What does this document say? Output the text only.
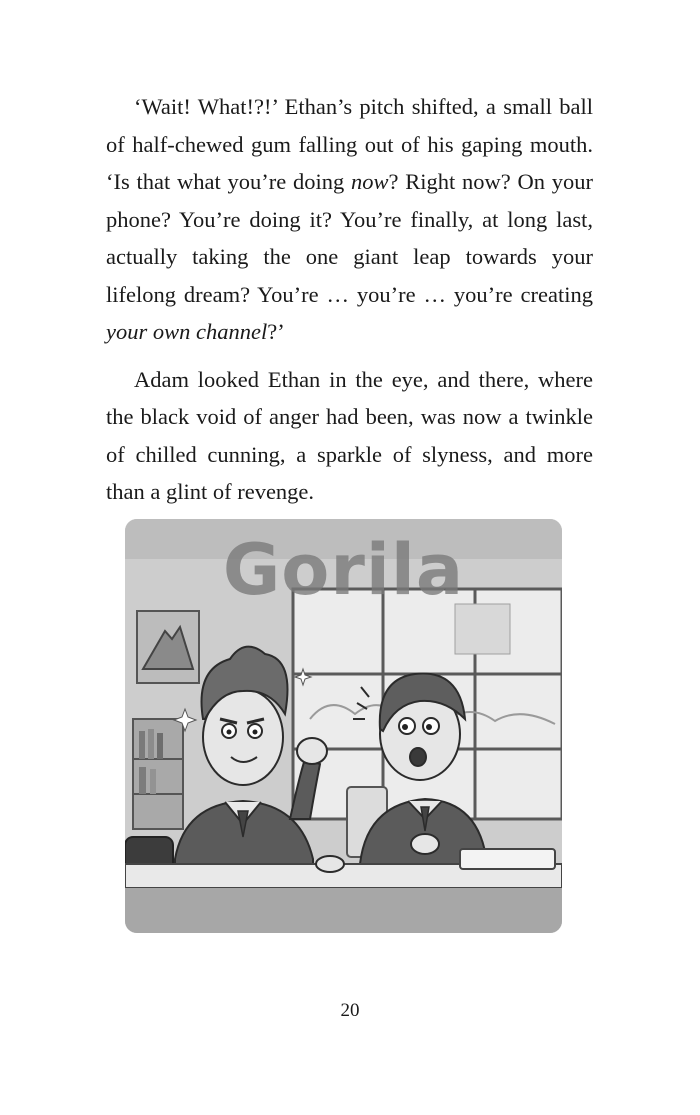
‘Wait! What!?!’ Ethan’s pitch shifted, a small ball of half-chewed gum falling out of his gaping mouth. ‘Is that what you’re doing now? Right now? On your phone? You’re doing it? You’re finally, at long last, actually taking the one giant leap towards your lifelong dream? You’re … you’re … you’re creating your own channel?’

Adam looked Ethan in the eye, and there, where the black void of anger had been, was now a twinkle of chilled cunning, a sparkle of slyness, and more than a glint of revenge.

Gorila
20
